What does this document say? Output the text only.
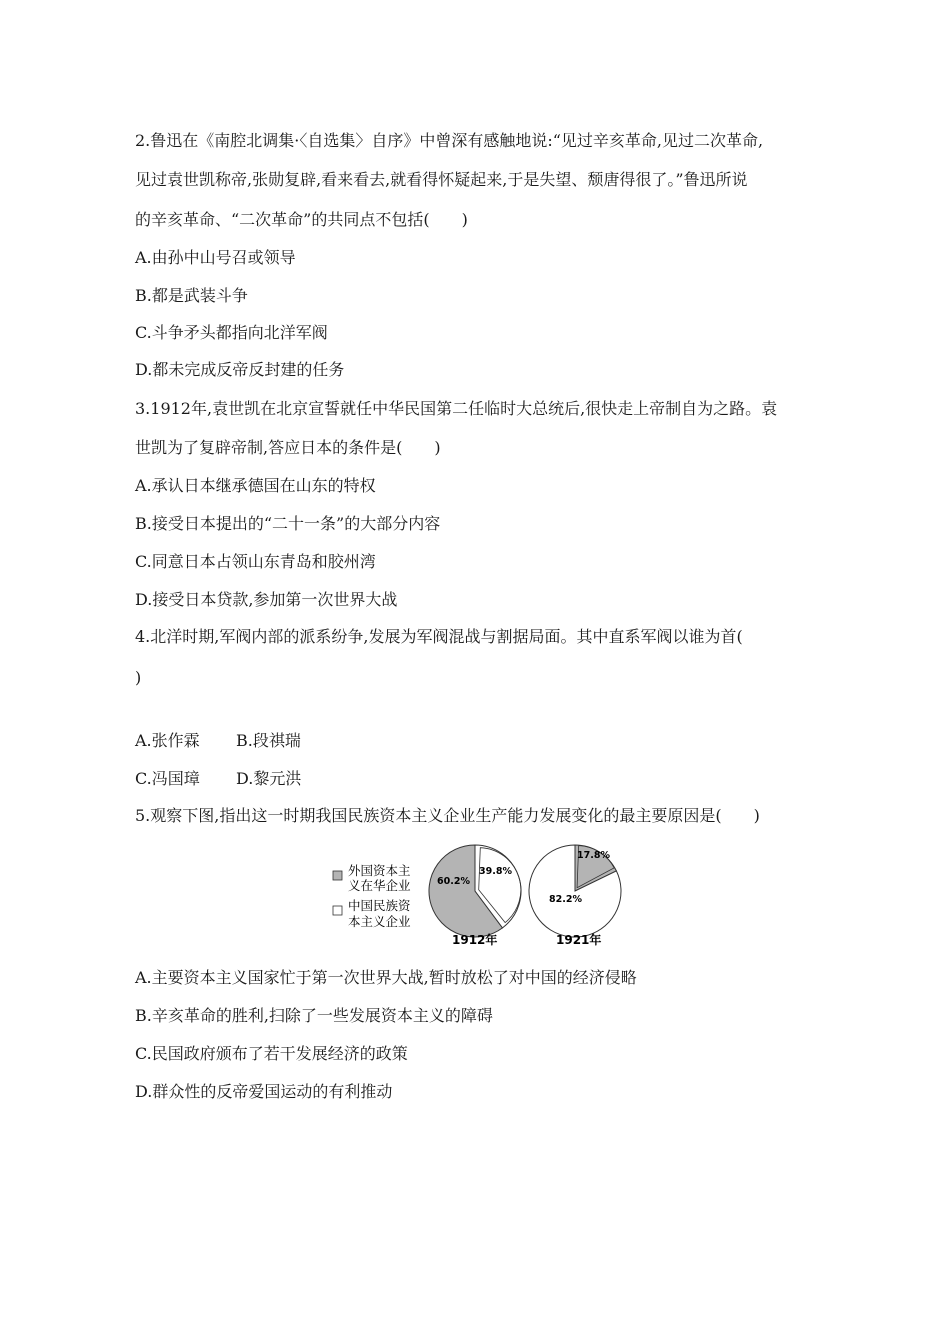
2.鲁迅在《南腔北调集·〈自选集〉自序》中曾深有感触地说:“见过辛亥革命,见过二次革命,
见过袁世凯称帝,张勋复辟,看来看去,就看得怀疑起来,于是失望、颓唐得很了。”鲁迅所说
的辛亥革命、“二次革命”的共同点不包括(　　)
A.由孙中山号召或领导
B.都是武装斗争
C.斗争矛头都指向北洋军阀
D.都未完成反帝反封建的任务
3.1912年,袁世凯在北京宣誓就任中华民国第二任临时大总统后,很快走上帝制自为之路。袁
世凯为了复辟帝制,答应日本的条件是(　　)
A.承认日本继承德国在山东的特权
B.接受日本提出的“二十一条”的大部分内容
C.同意日本占领山东青岛和胶州湾
D.接受日本贷款,参加第一次世界大战
4.北洋时期,军阀内部的派系纷争,发展为军阀混战与割据局面。其中直系军阀以谁为首(
)
A.张作霖 B.段祺瑞
C.冯国璋 D.黎元洪
5.观察下图,指出这一时期我国民族资本主义企业生产能力发展变化的最主要原因是(　　)
外国资本主
义在华企业
中国民族资
本主义企业
60.2%
39.8%
1912年
17.8%
82.2%
1921年
A.主要资本主义国家忙于第一次世界大战,暂时放松了对中国的经济侵略
B.辛亥革命的胜利,扫除了一些发展资本主义的障碍
C.民国政府颁布了若干发展经济的政策
D.群众性的反帝爱国运动的有利推动
